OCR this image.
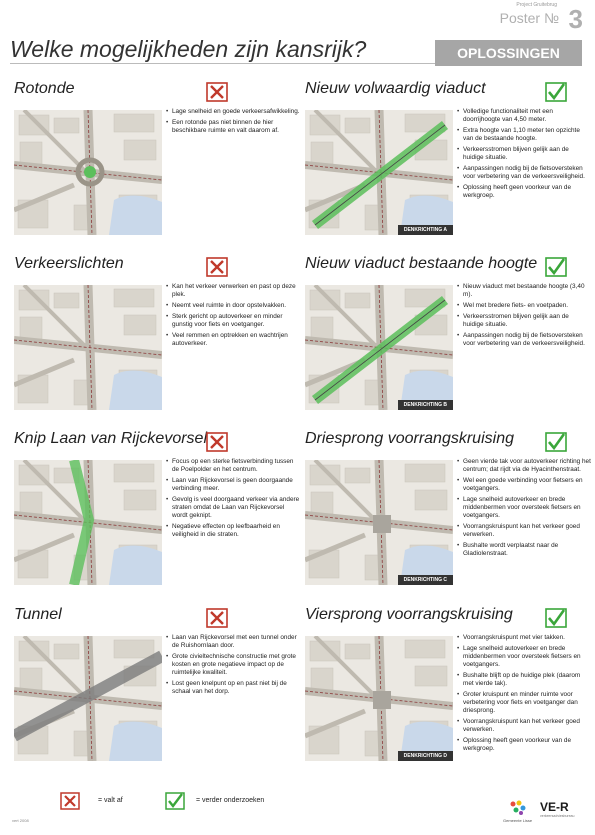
Project Gruitebrug
Poster № 3
Welke mogelijkheden zijn kansrijk?	OPLOSSINGEN
Rotonde
• Lage snelheid en goede verkeersafwikkeling.
• Een rotonde pas niet binnen de hier beschikbare ruimte en valt daarom af.
Nieuw volwaardig viaduct
DENKRICHTING A
• Volledige functionaliteit met een doorrijhoogte van 4,50 meter.
• Extra hoogte van 1,10 meter ten opzichte van de bestaande hoogte.
• Verkeersstromen blijven gelijk aan de huidige situatie.
• Aanpassingen nodig bij de fietsoversteken voor verbetering van de verkeersveiligheid.
• Oplossing heeft geen voorkeur van de werkgroep.
Verkeerslichten
• Kan het verkeer verwerken en past op deze plek.
• Neemt veel ruimte in door opstelvakken.
• Sterk gericht op autoverkeer en minder gunstig voor fiets en voetganger.
• Veel remmen en optrekken en wachtrijen autoverkeer.
Nieuw viaduct bestaande hoogte
DENKRICHTING B
• Nieuw viaduct met bestaande hoogte (3,40 m).
• Wel met bredere fiets- en voetpaden.
• Verkeersstromen blijven gelijk aan de huidige situatie.
• Aanpassingen nodig bij de fietsoversteken voor verbetering van de verkeersveiligheid.
Knip Laan van Rijckevorsel
• Focus op een sterke fietsverbinding tussen de Poelpolder en het centrum.
• Laan van Rijckevorsel is geen doorgaande verbinding meer.
• Gevolg is veel doorgaand verkeer via andere straten omdat de Laan van Rijckevorsel wordt geknipt.
• Negatieve effecten op leefbaarheid en veiligheid in die straten.
Driesprong voorrangskruising
DENKRICHTING C
• Geen vierde tak voor autoverkeer richting het centrum; dat rijdt via de Hyacinthenstraat.
• Wel een goede verbinding voor fietsers en voetgangers.
• Lage snelheid autoverkeer en brede middenbermen voor oversteek fietsers en voetgangers.
• Voorrangskruispunt kan het verkeer goed verwerken.
• Bushalte wordt verplaatst naar de Gladiolenstraat.
Tunnel
• Laan van Rijckevorsel met een tunnel onder de Ruishornlaan door.
• Grote civieltechnische constructie met grote kosten en grote negatieve impact op de ruimtelijke kwaliteit.
• Lost geen knelpunt op en past niet bij de schaal van het dorp.
Viersprong voorrangskruising
DENKRICHTING D
• Voorrangskruispunt met vier takken.
• Lage snelheid autoverkeer en brede middenbermen voor oversteek fietsers en voetgangers.
• Bushalte blijft op de huidige plek (daarom met vierde tak).
• Groter kruispunt en minder ruimte voor verbetering voor fiets en voetganger dan driesprong.
• Voorrangskruispunt kan het verkeer goed verwerken.
• Oplossing heeft geen voorkeur van de werkgroep.
= valt af	= verder onderzoeken
vert 2008	Gemeente Lisse
VE-R
verkeersadviesbureau
